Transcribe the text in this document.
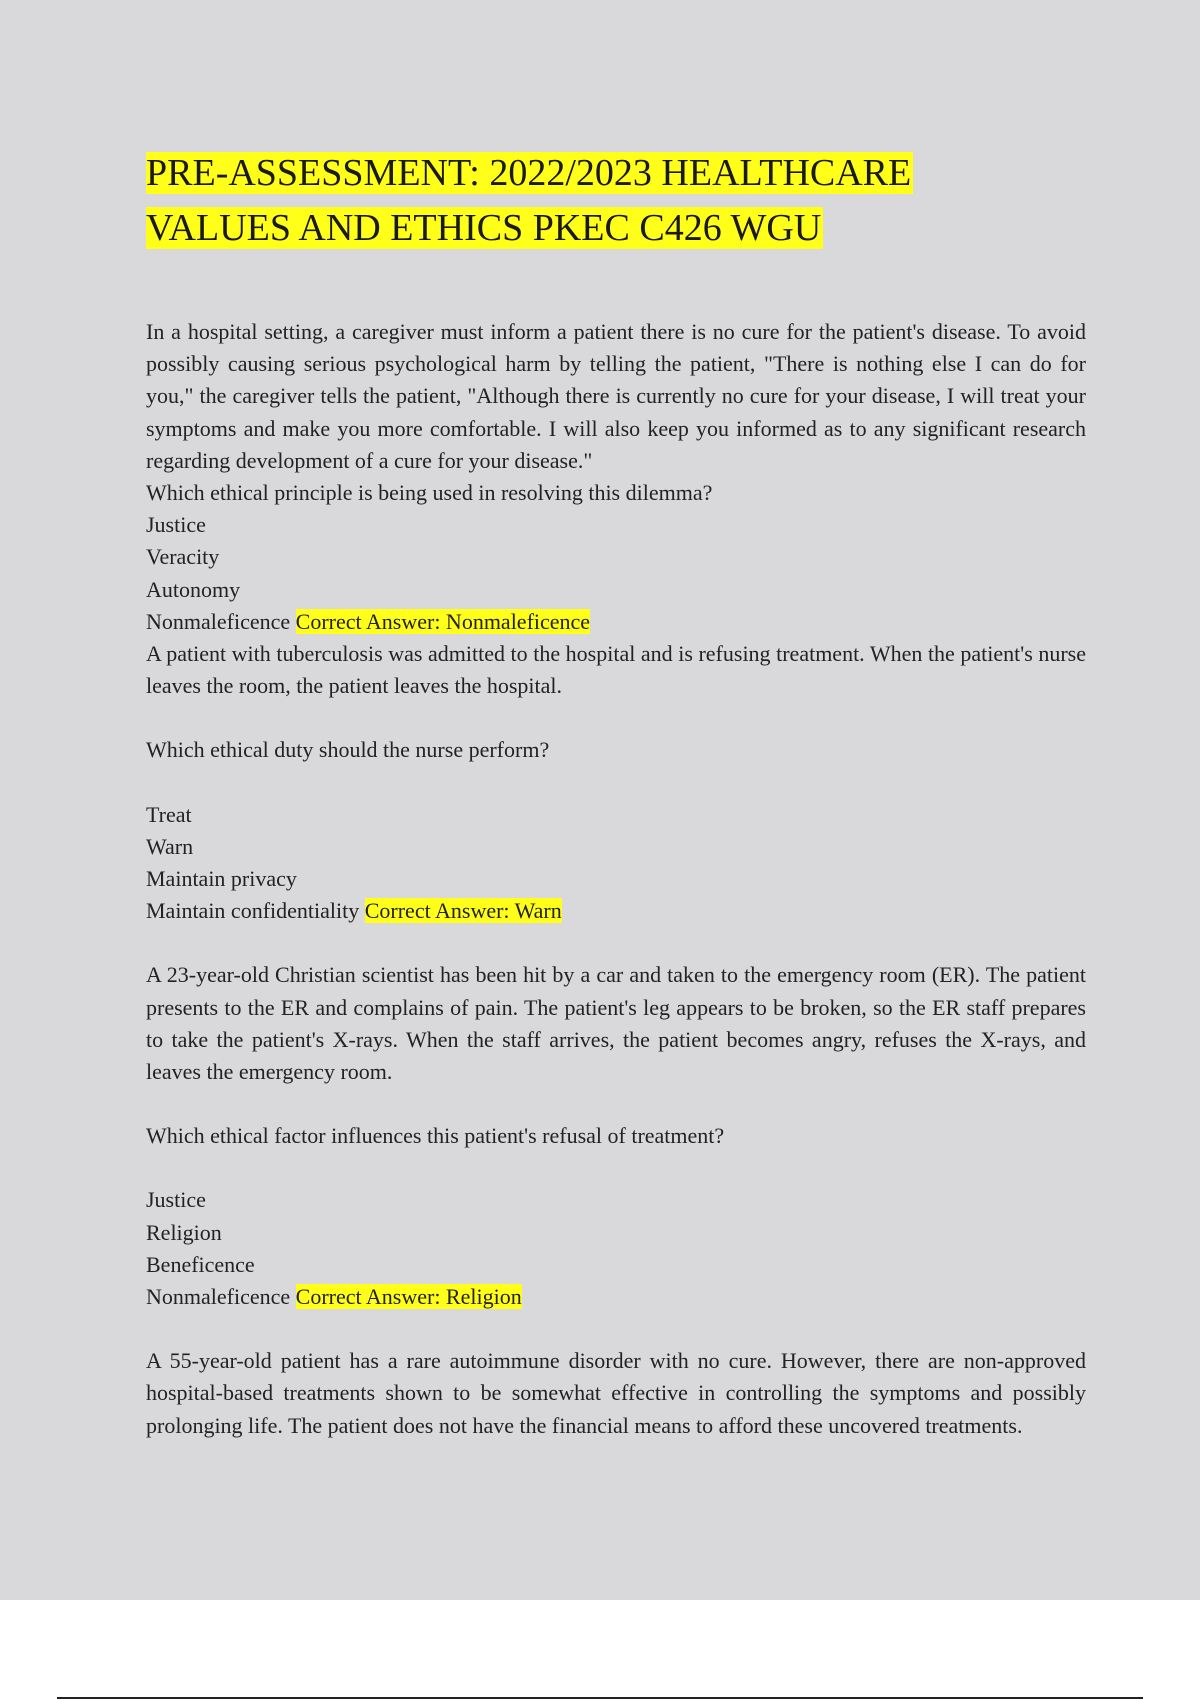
PRE-ASSESSMENT: 2022/2023 HEALTHCARE
VALUES AND ETHICS PKEC C426 WGU

In a hospital setting, a caregiver must inform a patient there is no cure for the patient's disease. To avoid possibly causing serious psychological harm by telling the patient, "There is nothing else I can do for you," the caregiver tells the patient, "Although there is currently no cure for your disease, I will treat your symptoms and make you more comfortable. I will also keep you informed as to any significant research regarding development of a cure for your disease."

Which ethical principle is being used in resolving this dilemma?
Justice
Veracity
Autonomy
Nonmaleficence Correct Answer: Nonmaleficence

A patient with tuberculosis was admitted to the hospital and is refusing treatment. When the patient's nurse leaves the room, the patient leaves the hospital.

Which ethical duty should the nurse perform?
Treat
Warn
Maintain privacy
Maintain confidentiality Correct Answer: Warn

A 23-year-old Christian scientist has been hit by a car and taken to the emergency room (ER). The patient presents to the ER and complains of pain. The patient's leg appears to be broken, so the ER staff prepares to take the patient's X-rays. When the staff arrives, the patient becomes angry, refuses the X-rays, and leaves the emergency room.

Which ethical factor influences this patient's refusal of treatment?
Justice
Religion
Beneficence
Nonmaleficence Correct Answer: Religion

A 55-year-old patient has a rare autoimmune disorder with no cure. However, there are non-approved hospital-based treatments shown to be somewhat effective in controlling the symptoms and possibly prolonging life. The patient does not have the financial means to afford these uncovered treatments.
